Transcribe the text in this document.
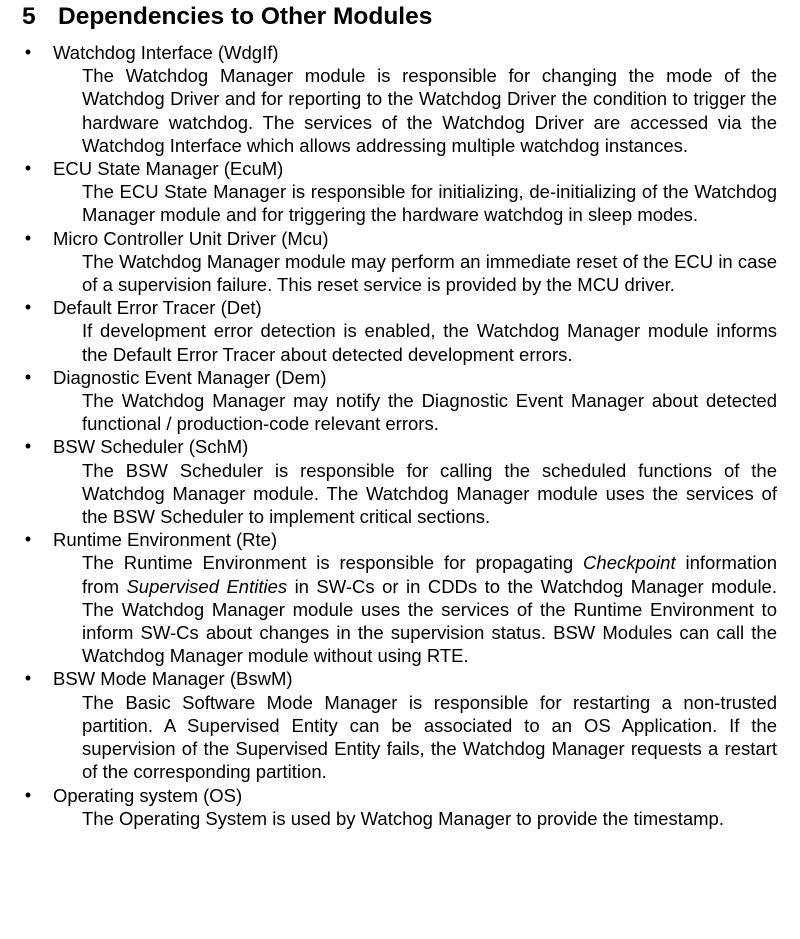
5 Dependencies to Other Modules
•	Watchdog Interface (WdgIf)
The Watchdog Manager module is responsible for changing the mode of the Watchdog Driver and for reporting to the Watchdog Driver the condition to trigger the hardware watchdog. The services of the Watchdog Driver are accessed via the Watchdog Interface which allows addressing multiple watchdog instances.
•	ECU State Manager (EcuM)
The ECU State Manager is responsible for initializing, de-initializing of the Watchdog Manager module and for triggering the hardware watchdog in sleep modes.
•	Micro Controller Unit Driver (Mcu)
The Watchdog Manager module may perform an immediate reset of the ECU in case of a supervision failure. This reset service is provided by the MCU driver.
•	Default Error Tracer (Det)
If development error detection is enabled, the Watchdog Manager module informs the Default Error Tracer about detected development errors.
•	Diagnostic Event Manager (Dem)
The Watchdog Manager may notify the Diagnostic Event Manager about detected functional / production-code relevant errors.
•	BSW Scheduler (SchM)
The BSW Scheduler is responsible for calling the scheduled functions of the Watchdog Manager module. The Watchdog Manager module uses the services of the BSW Scheduler to implement critical sections.
•	Runtime Environment (Rte)
The Runtime Environment is responsible for propagating Checkpoint information from Supervised Entities in SW-Cs or in CDDs to the Watchdog Manager module. The Watchdog Manager module uses the services of the Runtime Environment to inform SW-Cs about changes in the supervision status. BSW Modules can call the Watchdog Manager module without using RTE.
•	BSW Mode Manager (BswM)
The Basic Software Mode Manager is responsible for restarting a non-trusted partition. A Supervised Entity can be associated to an OS Application. If the supervision of the Supervised Entity fails, the Watchdog Manager requests a restart of the corresponding partition.
•	Operating system (OS)
The Operating System is used by Watchog Manager to provide the timestamp.
